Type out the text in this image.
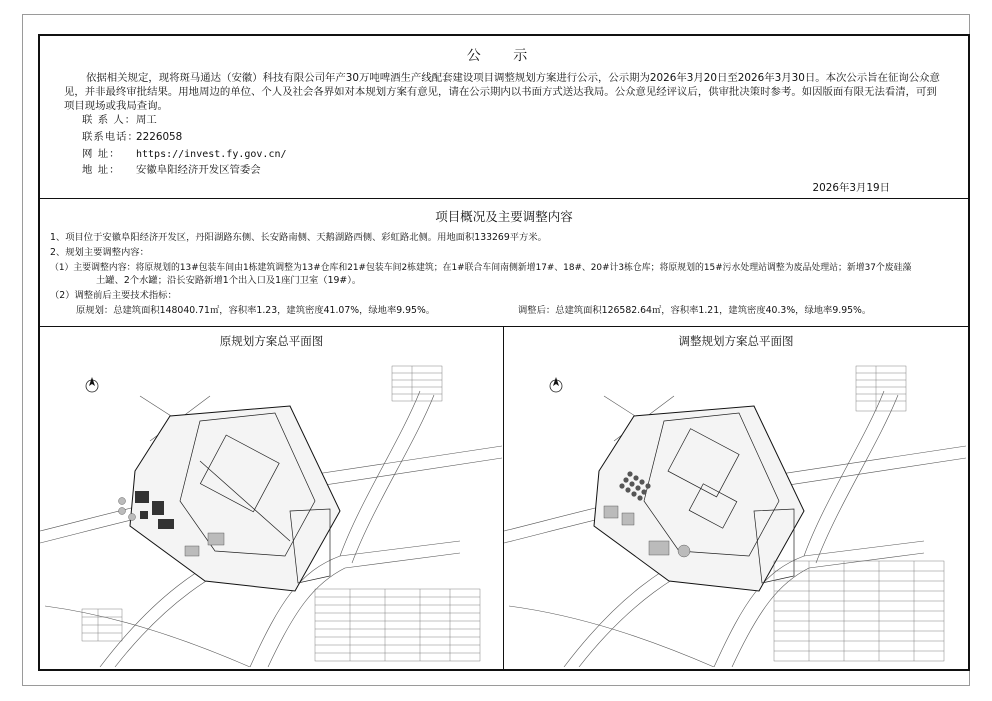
公 示
依据相关规定，现将斑马通达（安徽）科技有限公司年产30万吨啤酒生产线配套建设项目调整规划方案进行公示，公示期为2026年3月20日至2026年3月30日。本次公示旨在征询公众意见，并非最终审批结果。用地周边的单位、个人及社会各界如对本规划方案有意见，请在公示期内以书面方式送达我局。公众意见经评议后，供审批决策时参考。如因版面有限无法看清，可到项目现场或我局查询。
联 系 人：周工
联系电话：2226058
网 址： https://invest.fy.gov.cn/
地 址： 安徽阜阳经济开发区管委会
2026年3月19日
项目概况及主要调整内容
1、项目位于安徽阜阳经济开发区，丹阳湖路东侧、长安路南侧、天鹅湖路西侧、彩虹路北侧。用地面积133269平方米。
2、规划主要调整内容：
（1）主要调整内容：将原规划的13#包装车间由1栋建筑调整为13#仓库和21#包装车间2栋建筑；在1#联合车间南侧新增17#、18#、20#计3栋仓库；将原规划的15#污水处理站调整为废品处理站；新增37个废硅藻
土罐、2个水罐；沿长安路新增1个出入口及1座门卫室（19#）。
（2）调整前后主要技术指标：
原规划：总建筑面积148040.71㎡，容积率1.23，建筑密度41.07%，绿地率9.95%。	调整后：总建筑面积126582.64㎡，容积率1.21，建筑密度40.3%，绿地率9.95%。
原规划方案总平面图	调整规划方案总平面图
